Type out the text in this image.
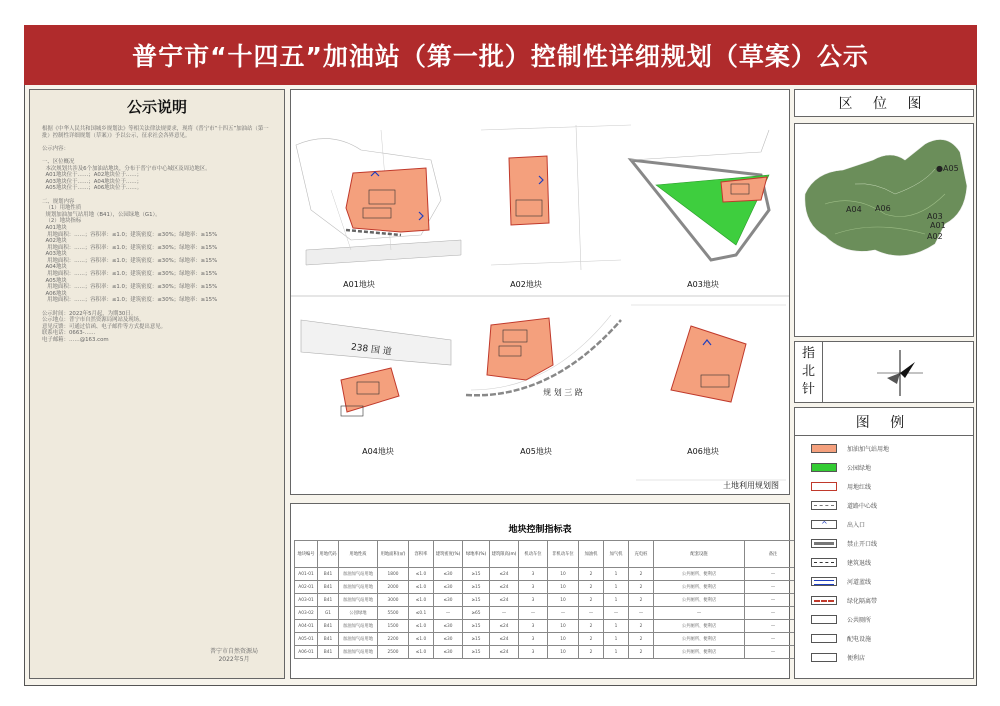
普宁市“十四五”加油站（第一批）控制性详细规划（草案）公示
公示说明
根据《中华人民共和国城乡规划法》等相关法律法规要求，现将《普宁市“十四五”加油站（第一批）控制性详细规划（草案）》予以公示，征求社会各界意见。

公示内容：

一、区位概况
本次规划共涉及6个加油站地块，分布于普宁市中心城区及周边地区。
A01地块位于……；A02地块位于……；
A03地块位于……；A04地块位于……；
A05地块位于……；A06地块位于……。

二、规划内容
（1）用地性质
规划加油加气站用地（B41），公园绿地（G1）。
（2）地块指标
A01地块
用地面积：……；容积率：≤1.0；建筑密度：≤30%；绿地率：≥15%
A02地块
用地面积：……；容积率：≤1.0；建筑密度：≤30%；绿地率：≥15%
A03地块
用地面积：……；容积率：≤1.0；建筑密度：≤30%；绿地率：≥15%
A04地块
用地面积：……；容积率：≤1.0；建筑密度：≤30%；绿地率：≥15%
A05地块
用地面积：……；容积率：≤1.0；建筑密度：≤30%；绿地率：≥15%
A06地块
用地面积：……；容积率：≤1.0；建筑密度：≤30%；绿地率：≥15%

公示时间：2022年5月起，为期30日。
公示地点：普宁市自然资源局网站及现场。
意见反馈：可通过信函、电子邮件等方式提出意见。
联系电话：0663-……
电子邮箱：……@163.com
普宁市自然资源局
2022年5月
A01地块	A02地块	A03地块
238 国 道
规 划 三 路
A04地块	A05地块	A06地块
土地利用规划图
地块控制指标表
地块编号	用地代码	用地性质	用地面积(㎡)	容积率	建筑密度(%)	绿地率(%)	建筑限高(m)	机动车位	非机动车位	加油机	加气机	充电桩	配套设施	备注
A01-01	B41	加油加气站用地	1800	≤1.0	≤30	≥15	≤24	3	10	2	1	2	公共厕所、便利店	—
A02-01	B41	加油加气站用地	2000	≤1.0	≤30	≥15	≤24	3	10	2	1	2	公共厕所、便利店	—
A03-01	B41	加油加气站用地	3000	≤1.0	≤30	≥15	≤24	3	10	2	1	2	公共厕所、便利店	—
A03-02	G1	公园绿地	5500	≤0.1	—	≥65	—	—	—	—	—	—	—	—
A04-01	B41	加油加气站用地	1500	≤1.0	≤30	≥15	≤24	3	10	2	1	2	公共厕所、便利店	—
A05-01	B41	加油加气站用地	2200	≤1.0	≤30	≥15	≤24	3	10	2	1	2	公共厕所、便利店	—
A06-01	B41	加油加气站用地	2500	≤1.0	≤30	≥15	≤24	3	10	2	1	2	公共厕所、便利店	—
区 位 图
●
A05
A04 A06
A03
A01
A02
指
北
针
图 例
加油加气站用地
公园绿地
用地红线
道路中心线
^	出入口
禁止开口线
建筑退线
河道蓝线
绿化隔离带
公共厕所
配电设施
便利店
